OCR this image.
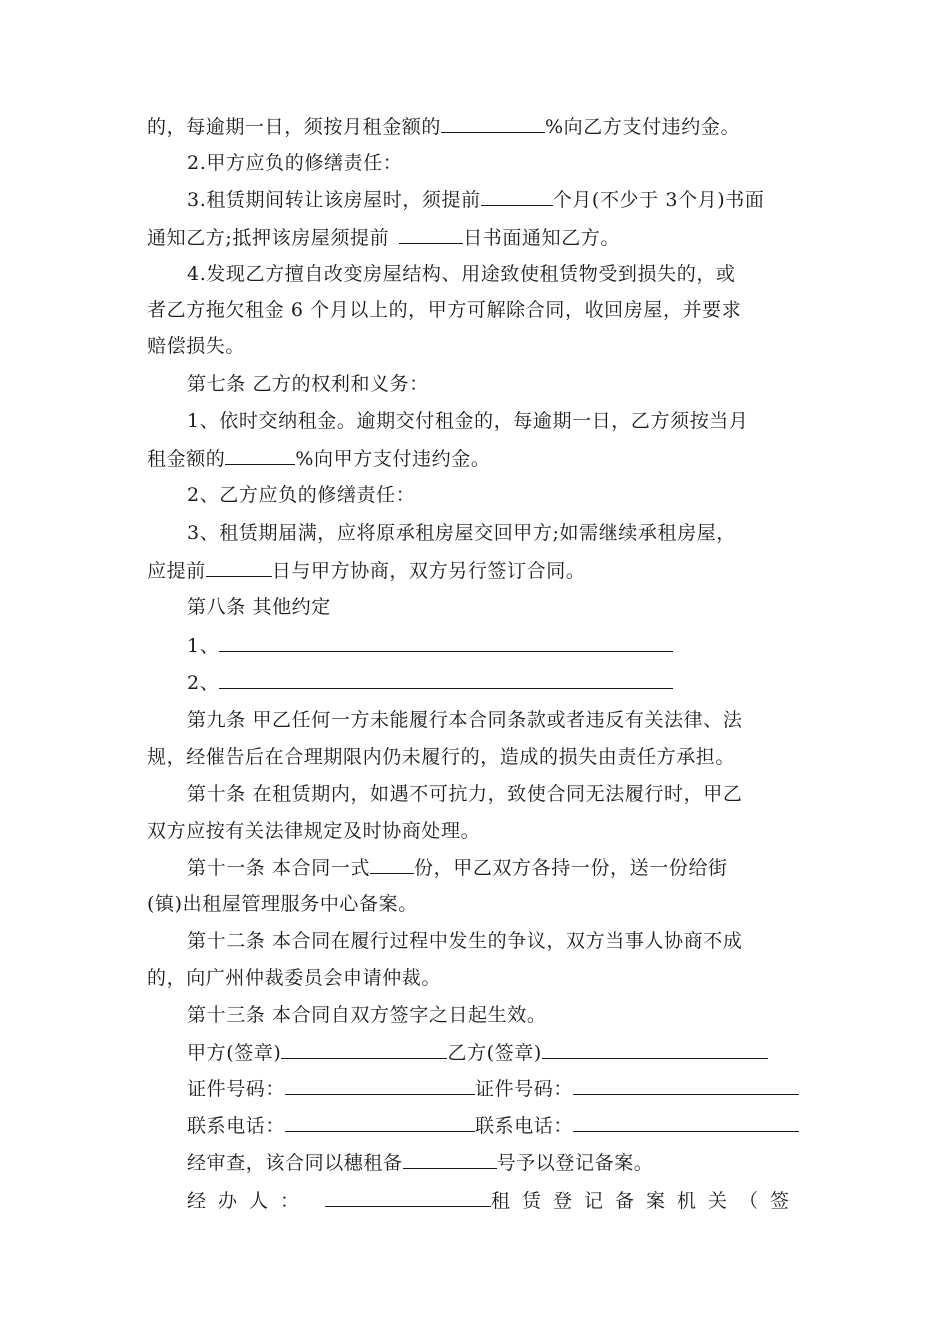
的，每逾期一日，须按月租金额的	%向乙方支付违约金。
2.甲方应负的修缮责任：
3.租赁期间转让该房屋时，须提前	个月(不少于 3个月)书面
通知乙方;抵押该房屋须提前	日书面通知乙方。
4.发现乙方擅自改变房屋结构、用途致使租赁物受到损失的，或
者乙方拖欠租金 6 个月以上的，甲方可解除合同，收回房屋，并要求
赔偿损失。
第七条 乙方的权利和义务：
1、依时交纳租金。逾期交付租金的，每逾期一日，乙方须按当月
租金额的	%向甲方支付违约金。
2、乙方应负的修缮责任：
3、租赁期届满，应将原承租房屋交回甲方;如需继续承租房屋，
应提前	日与甲方协商，双方另行签订合同。
第八条 其他约定
1、
2、
第九条 甲乙任何一方未能履行本合同条款或者违反有关法律、法
规，经催告后在合理期限内仍未履行的，造成的损失由责任方承担。
第十条 在租赁期内，如遇不可抗力，致使合同无法履行时，甲乙
双方应按有关法律规定及时协商处理。
第十一条 本合同一式 份，甲乙双方各持一份，送一份给街
(镇)出租屋管理服务中心备案。
第十二条 本合同在履行过程中发生的争议，双方当事人协商不成
的，向广州仲裁委员会申请仲裁。
第十三条 本合同自双方签字之日起生效。
甲方(签章)	乙方(签章)
证件号码：	证件号码：
联系电话：	联系电话：
经审查，该合同以穗租备	号予以登记备案。
经办人：	租赁登记备案机关（签
